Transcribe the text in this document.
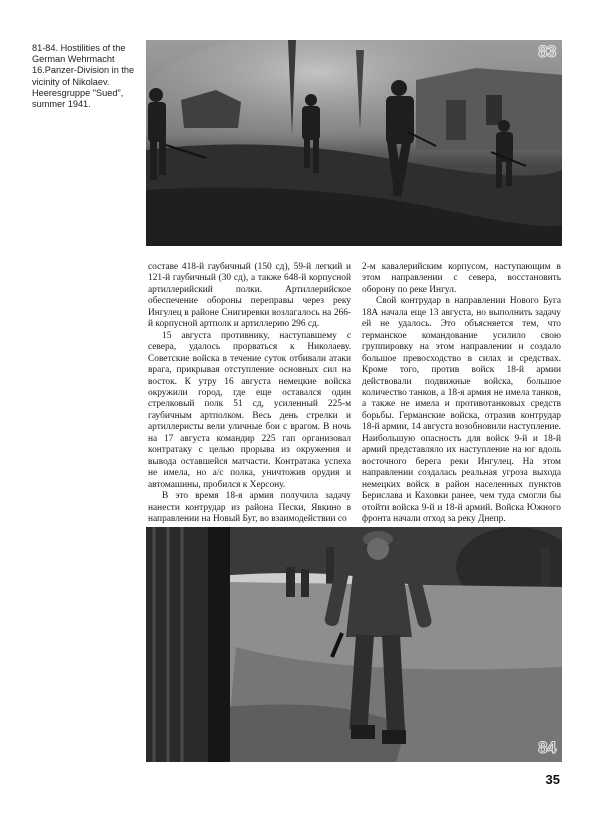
81-84. Hostilities of the German Wehrmacht 16.Panzer-Division in the vicinity of Nikolaev. Heeresgruppe "Sued", summer 1941.

83

составе 418-й гаубичный (150 сд), 59-й легкий и 121-й гаубичный (30 сд), а также 648-й корпусной артиллерийский полки. Артиллерийское обеспечение обороны переправы через реку Ингулец в районе Снигиревки возлагалось на 266-й корпусной артполк и артиллерию 296 сд.

15 августа противнику, наступавшему с севера, удалось прорваться к Николаеву. Советские войска в течение суток отбивали атаки врага, прикрывая отступление основных сил на восток. К утру 16 августа немецкие войска окружили город, где еще оставался один стрелковый полк 51 сд, усиленный 225-м гаубичным артполком. Весь день стрелки и артиллеристы вели уличные бои с врагом. В ночь на 17 августа командир 225 гап организовал контратаку с целью прорыва из окружения и вывода оставшейся матчасти. Контратака успеха не имела, но а/с полка, уничтожив орудия и автомашины, пробился к Херсону.

В это время 18-я армия получила задачу нанести контрудар из района Пески, Явкино в направлении на Новый Буг, во взаимодействии со

2-м кавалерийским корпусом, наступающим в этом направлении с севера, восстановить оборону по реке Ингул.

Свой контрудар в направлении Нового Буга 18А начала еще 13 августа, но выполнить задачу ей не удалось. Это объясняется тем, что германское командование усилило свою группировку на этом направлении и создало большое превосходство в силах и средствах. Кроме того, против войск 18-й армии действовали подвижные войска, большое количество танков, а 18-я армия не имела танков, а также не имела и противотанковых средств борьбы. Германские войска, отразив контрудар 18-й армии, 14 августа возобновили наступление. Наибольшую опасность для войск 9-й и 18-й армий представляло их наступление на юг вдоль восточного берега реки Ингулец. На этом направлении создалась реальная угроза выхода немецких войск в район населенных пунктов Берислава и Каховки ранее, чем туда смогли бы отойти войска 9-й и 18-й армий. Войска Южного фронта начали отход за реку Днепр.

84
35
